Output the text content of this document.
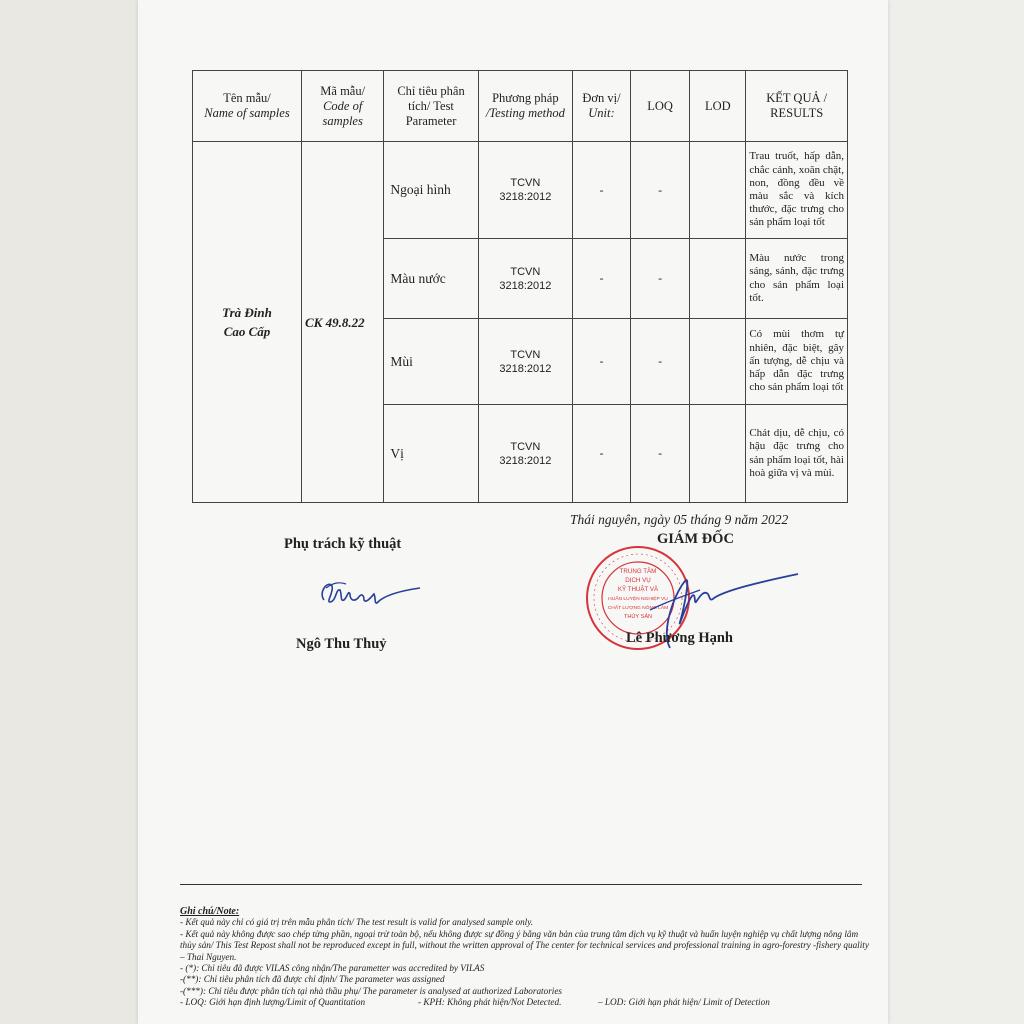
Tên mẫu/
Name of samples	Mã mẫu/
Code of samples	Chỉ tiêu phân tích/ Test Parameter	Phương pháp
/Testing method	Đơn vị/
Unit:	LOQ	LOD	KẾT QUẢ /
RESULTS
Trà Đinh
Cao Cấp	CK 49.8.22	Ngoại hình	TCVN
3218:2012	-	-		Trau truốt, hấp dẫn, chắc cánh, xoăn chặt, non, đồng đều về màu sắc và kích thước, đặc trưng cho sản phẩm loại tốt
		Màu nước	TCVN
3218:2012	-	-		Màu nước trong sáng, sánh, đặc trưng cho sản phẩm loại tốt.
		Mùi	TCVN
3218:2012	-	-		Có mùi thơm tự nhiên, đặc biệt, gây ấn tượng, dễ chịu và hấp dẫn đặc trưng cho sản phẩm loại tốt
		Vị	TCVN
3218:2012	-	-		Chát dịu, dễ chịu, có hậu đặc trưng cho sản phẩm loại tốt, hài hoà giữa vị và mùi.
Thái nguyên, ngày 05 tháng 9 năm 2022
Phụ trách kỹ thuật
Ngô Thu Thuỷ
GIÁM ĐỐC
TRUNG TÂM
DỊCH VỤ
KỸ THUẬT VÀ
HUẤN LUYỆN NGHIỆP VỤ
CHẤT LƯỢNG NÔNG LÂM
THỦY SẢN
Lê Phương Hạnh

Ghi chú/Note:

- Kết quả này chỉ có giá trị trên mẫu phân tích/ The test result is valid for analysed sample only.

- Kết quả này không được sao chép từng phần, ngoại trừ toàn bộ, nếu không được sự đồng ý bằng văn bản của trung tâm dịch vụ kỹ thuật và huấn luyện nghiệp vụ chất lượng nông lâm thủy sản/ This Test Repost shall not be reproduced except in full, without the written approval of The center for technical services and professional training in agro-forestry -fishery quality – Thai Nguyen.

- (*): Chỉ tiêu đã được VILAS công nhận/The parametter was accredited by VILAS

-(**): Chỉ tiêu phân tích đã được chỉ định/ The parameter was assigned

-(***): Chỉ tiêu được phân tích tại nhà thầu phụ/ The parameter is analysed at authorized Laboratories

- LOQ: Giới hạn định lượng/Limit of Quantitation	- KPH: Không phát hiện/Not Detected.	– LOD: Giới hạn phát hiện/ Limit of Detection
